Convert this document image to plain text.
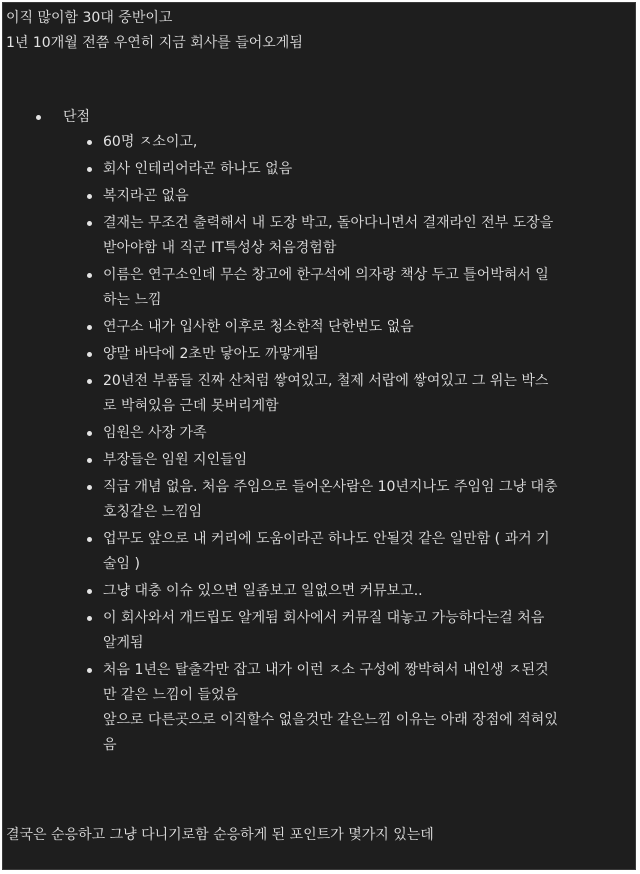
이직 많이함 30대 중반이고
1년 10개월 전쯤 우연히 지금 회사를 들어오게됨
단점
60명 ㅈ소이고,
회사 인테리어라곤 하나도 없음
복지라곤 없음
결재는 무조건 출력해서 내 도장 박고, 돌아다니면서 결재라인 전부 도장을
받아야함 내 직군 IT특성상 처음경험함
이름은 연구소인데 무슨 창고에 한구석에 의자랑 책상 두고 틀어박혀서 일
하는 느낌
연구소 내가 입사한 이후로 청소한적 단한번도 없음
양말 바닥에 2초만 닿아도 까맣게됨
20년전 부품들 진짜 산처럼 쌓여있고, 철제 서랍에 쌓여있고 그 위는 박스
로 박혀있음 근데 못버리게함
임원은 사장 가족
부장들은 임원 지인들임
직급 개념 없음. 처음 주임으로 들어온사람은 10년지나도 주임임 그냥 대충
호칭같은 느낌임
업무도 앞으로 내 커리에 도움이라곤 하나도 안될것 같은 일만함 ( 과거 기
술임 )
그냥 대충 이슈 있으면 일좀보고 일없으면 커뮤보고..
이 회사와서 개드립도 알게됨 회사에서 커뮤질 대놓고 가능하다는걸 처음
알게됨
처음 1년은 탈출각만 잡고 내가 이런 ㅈ소 구성에 짱박혀서 내인생 ㅈ된것
만 같은 느낌이 들었음
앞으로 다른곳으로 이직할수 없을것만 같은느낌 이유는 아래 장점에 적혀있
음
결국은 순응하고 그냥 다니기로함 순응하게 된 포인트가 몇가지 있는데
